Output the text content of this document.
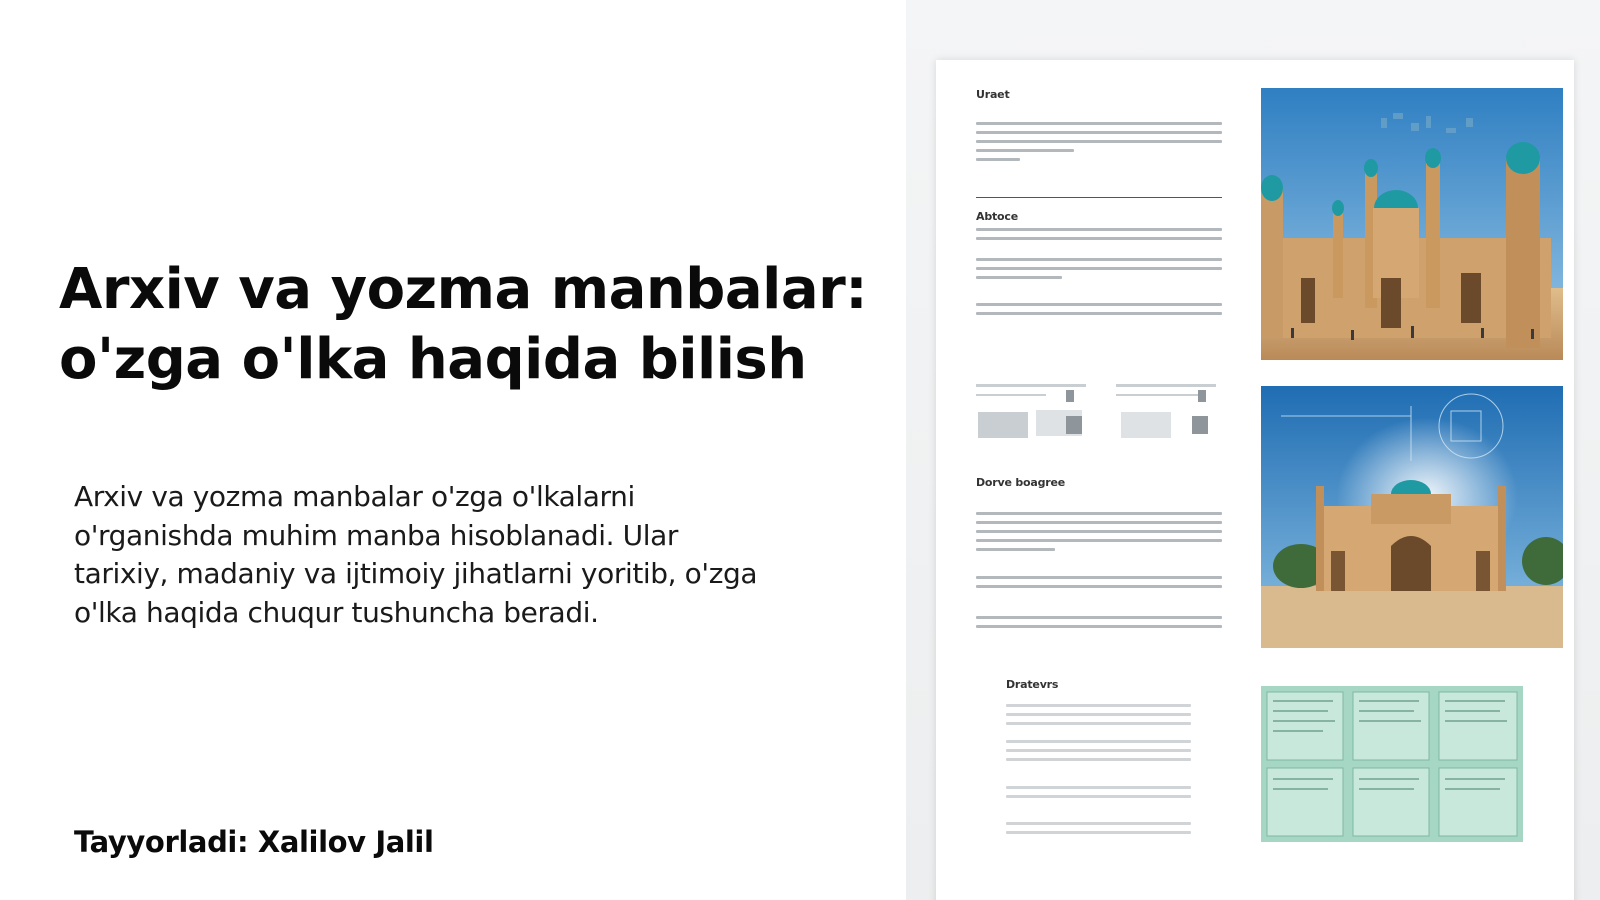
Arxiv va yozma manbalar:
o'zga o'lka haqida bilish

Arxiv va yozma manbalar o'zga o'lkalarni o'rganishda muhim manba hisoblanadi. Ular tarixiy, madaniy va ijtimoiy jihatlarni yoritib, o'zga o'lka haqida chuqur tushuncha beradi.

Tayyorladi: Xalilov Jalil
Uraet
Abtoce
Dorve boagree
Dratevrs
